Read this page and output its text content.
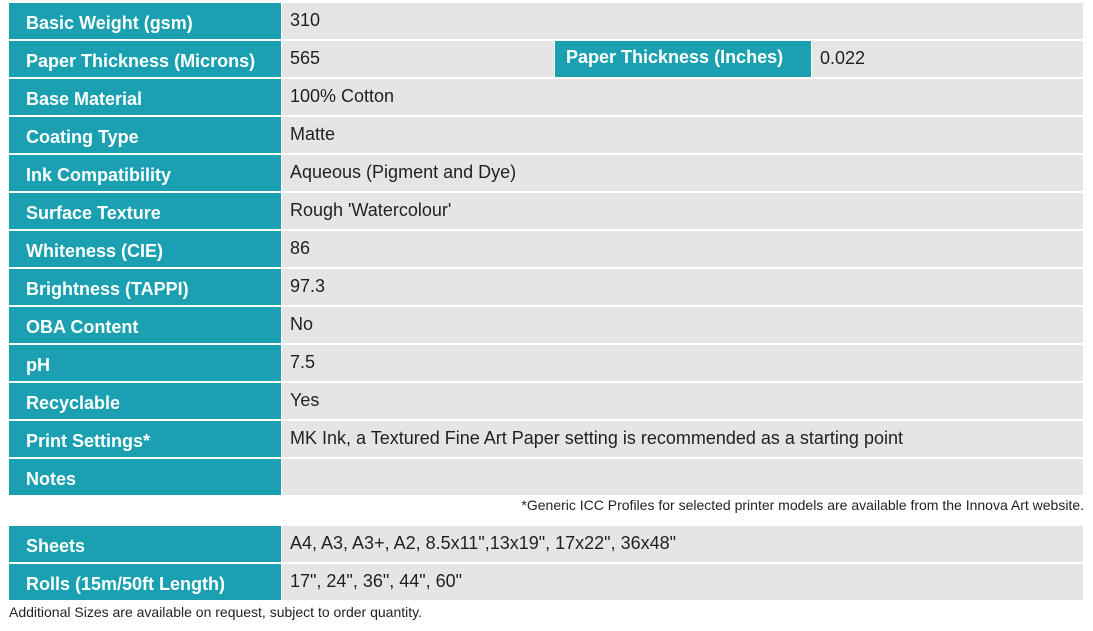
Basic Weight (gsm)	310
Paper Thickness (Microns)	565	Paper Thickness (Inches)	0.022
Base Material	100% Cotton
Coating Type	Matte
Ink Compatibility	Aqueous (Pigment and Dye)
Surface Texture	Rough 'Watercolour'
Whiteness (CIE)	86
Brightness (TAPPI)	97.3
OBA Content	No
pH	7.5
Recyclable	Yes
Print Settings*	MK Ink, a Textured Fine Art Paper setting is recommended as a starting point
Notes
*Generic ICC Profiles for selected printer models are available from the Innova Art website.
Sheets	A4, A3, A3+, A2, 8.5x11",13x19", 17x22", 36x48"
Rolls (15m/50ft Length)	17", 24", 36", 44", 60"
Additional Sizes are available on request, subject to order quantity.
